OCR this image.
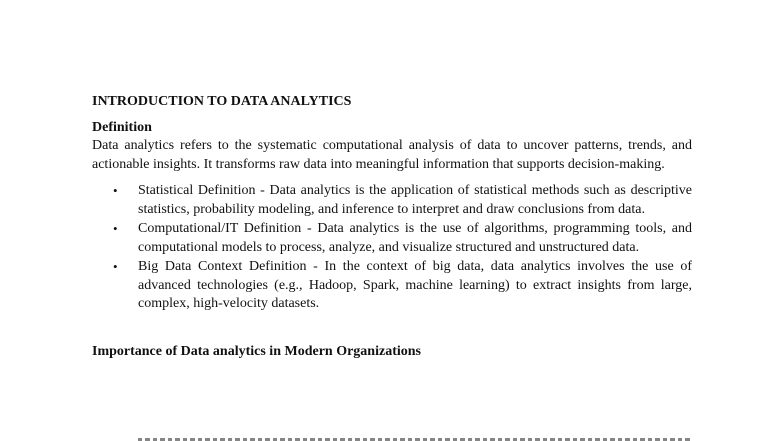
INTRODUCTION TO DATA ANALYTICS
Definition

Data analytics refers to the systematic computational analysis of data to uncover patterns, trends, and actionable insights. It transforms raw data into meaningful information that supports decision-making.

• Statistical Definition - Data analytics is the application of statistical methods such as descriptive statistics, probability modeling, and inference to interpret and draw conclusions from data.
• Computational/IT Definition - Data analytics is the use of algorithms, programming tools, and computational models to process, analyze, and visualize structured and unstructured data.
• Big Data Context Definition - In the context of big data, data analytics involves the use of advanced technologies (e.g., Hadoop, Spark, machine learning) to extract insights from large, complex, high-velocity datasets.
Importance of Data analytics in Modern Organizations
